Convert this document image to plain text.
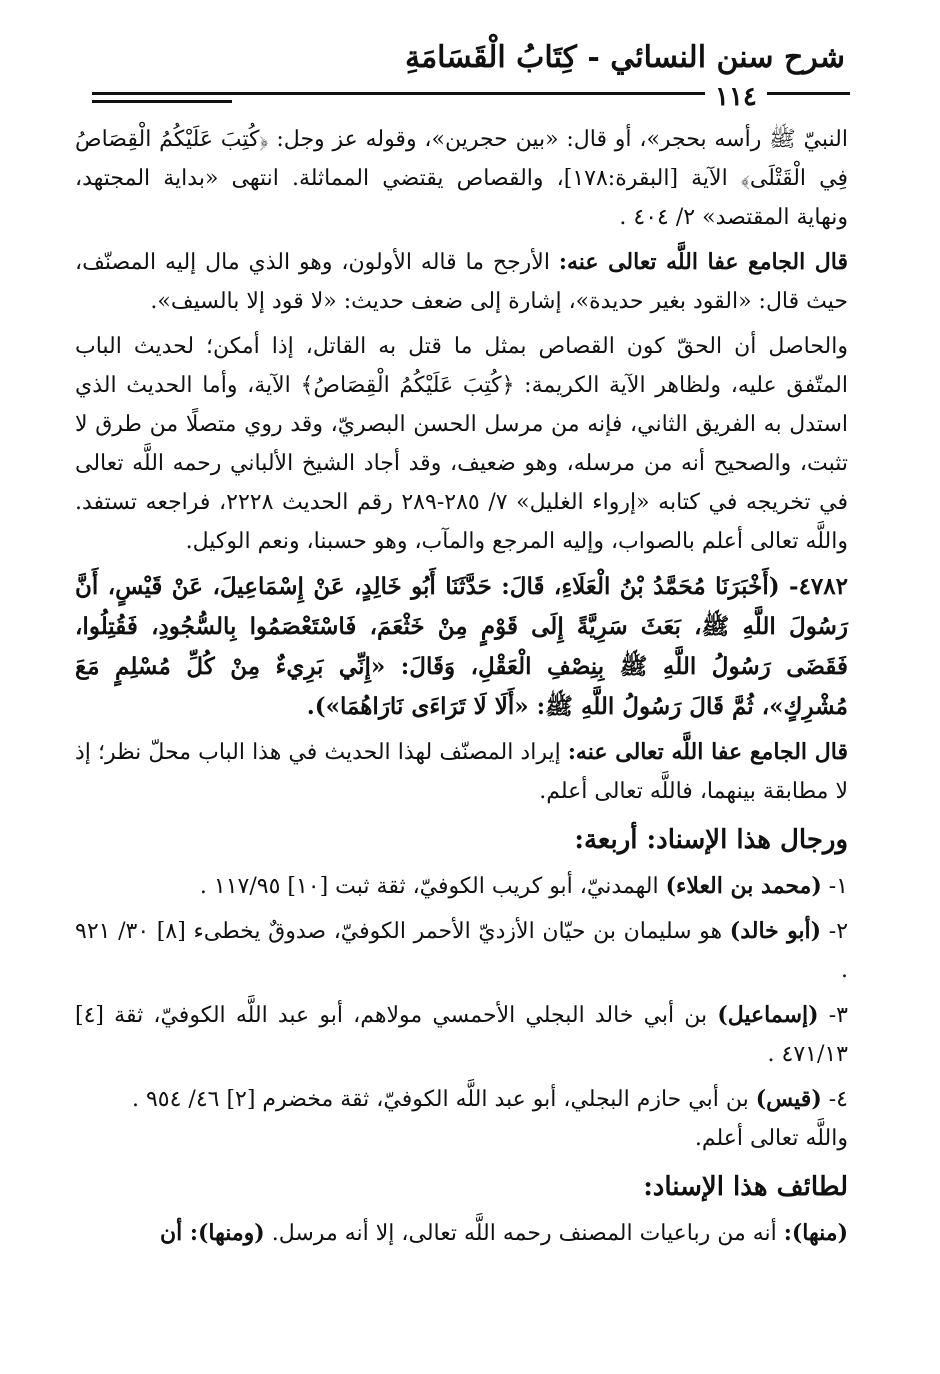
شرح سنن النسائي - كِتَابُ الْقَسَامَةِ
١١٤

النبيّ ﷺ رأسه بحجر»، أو قال: «بين حجرين»، وقوله عز وجل: ﴿كُتِبَ عَلَيْكُمُ الْقِصَاصُ فِي الْقَتْلَى﴾ الآية [البقرة:١٧٨]، والقصاص يقتضي المماثلة. انتهى «بداية المجتهد، ونهاية المقتصد» ٢/ ٤٠٤ .

قال الجامع عفا اللَّه تعالى عنه: الأرجح ما قاله الأولون، وهو الذي مال إليه المصنّف، حيث قال: «القود بغير حديدة»، إشارة إلى ضعف حديث: «لا قود إلا بالسيف».

والحاصل أن الحقّ كون القصاص بمثل ما قتل به القاتل، إذا أمكن؛ لحديث الباب المتّفق عليه، ولظاهر الآية الكريمة: ﴿كُتِبَ عَلَيْكُمُ الْقِصَاصُ﴾ الآية، وأما الحديث الذي استدل به الفريق الثاني، فإنه من مرسل الحسن البصريّ، وقد روي متصلًا من طرق لا تثبت، والصحيح أنه من مرسله، وهو ضعيف، وقد أجاد الشيخ الألباني رحمه اللَّه تعالى في تخريجه في كتابه «إرواء الغليل» ٧/ ٢٨٥-٢٨٩ رقم الحديث ٢٢٢٨، فراجعه تستفد. واللَّه تعالى أعلم بالصواب، وإليه المرجع والمآب، وهو حسبنا، ونعم الوكيل.

٤٧٨٢- (أَخْبَرَنَا مُحَمَّدُ بْنُ الْعَلَاءِ، قَالَ: حَدَّثَنَا أَبُو خَالِدٍ، عَنْ إِسْمَاعِيلَ، عَنْ قَيْسٍ، أَنَّ رَسُولَ اللَّهِ ﷺ، بَعَثَ سَرِيَّةً إِلَى قَوْمٍ مِنْ خَثْعَمَ، فَاسْتَعْصَمُوا بِالسُّجُودِ، فَقُتِلُوا، فَقَضَى رَسُولُ اللَّهِ ﷺ بِنِصْفِ الْعَقْلِ، وَقَالَ: «إِنِّي بَرِيءٌ مِنْ كُلِّ مُسْلِمٍ مَعَ مُشْرِكٍ»، ثُمَّ قَالَ رَسُولُ اللَّهِ ﷺ: «أَلَا لَا تَرَاءَى نَارَاهُمَا»).

قال الجامع عفا اللَّه تعالى عنه: إيراد المصنّف لهذا الحديث في هذا الباب محلّ نظر؛ إذ لا مطابقة بينهما، فاللَّه تعالى أعلم.

ورجال هذا الإسناد: أربعة:

١- (محمد بن العلاء) الهمدنيّ، أبو كريب الكوفيّ، ثقة ثبت [١٠] ١١٧/٩٥ .

٢- (أبو خالد) هو سليمان بن حيّان الأزديّ الأحمر الكوفيّ، صدوقٌ يخطىء [٨] ٣٠/ ٩٢١ .

٣- (إسماعيل) بن أبي خالد البجلي الأحمسي مولاهم، أبو عبد اللَّه الكوفيّ، ثقة [٤] ٤٧١/١٣ .

٤- (قيس) بن أبي حازم البجلي، أبو عبد اللَّه الكوفيّ، ثقة مخضرم [٢] ٤٦/ ٩٥٤ .

واللَّه تعالى أعلم.

لطائف هذا الإسناد:

(منها): أنه من رباعيات المصنف رحمه اللَّه تعالى، إلا أنه مرسل. (ومنها): أن
